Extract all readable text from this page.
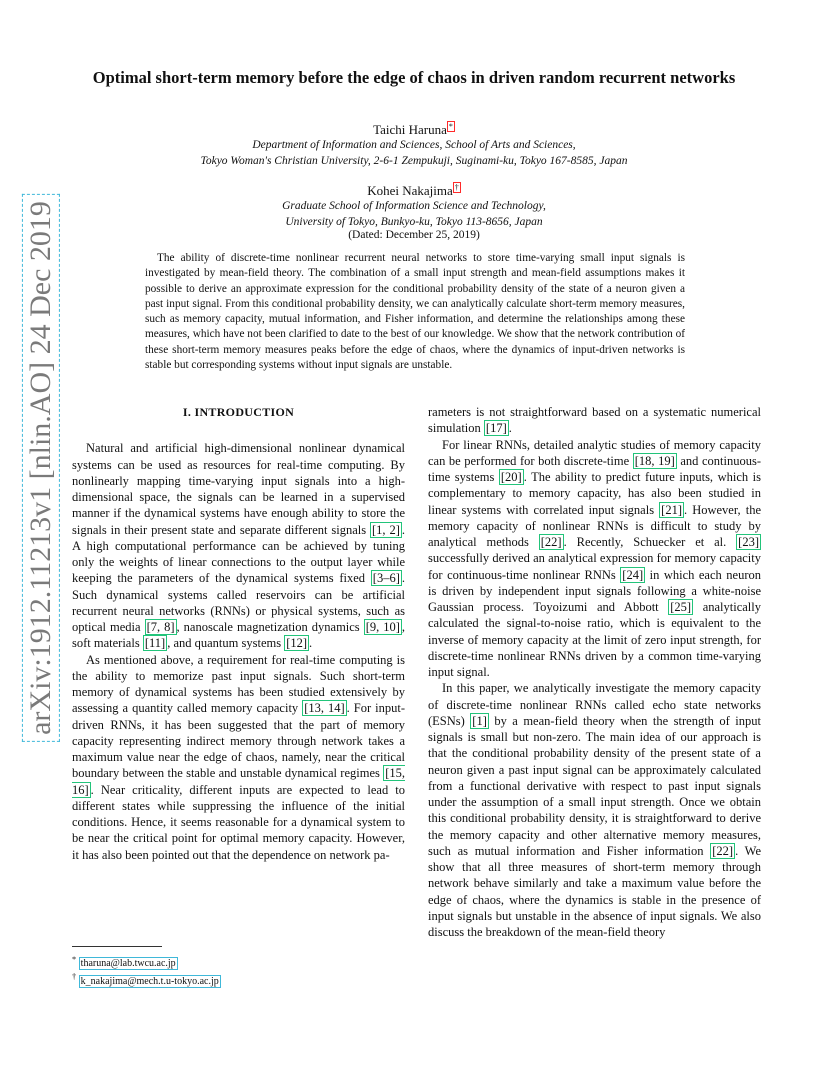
arXiv:1912.11213v1 [nlin.AO] 24 Dec 2019
Optimal short-term memory before the edge of chaos in driven random recurrent networks
Taichi Haruna *
Department of Information and Sciences, School of Arts and Sciences,
Tokyo Woman's Christian University, 2-6-1 Zempukuji, Suginami-ku, Tokyo 167-8585, Japan
Kohei Nakajima †
Graduate School of Information Science and Technology,
University of Tokyo, Bunkyo-ku, Tokyo 113-8656, Japan
(Dated: December 25, 2019)
The ability of discrete-time nonlinear recurrent neural networks to store time-varying small input signals is investigated by mean-field theory. The combination of a small input strength and mean-field assumptions makes it possible to derive an approximate expression for the conditional probability density of the state of a neuron given a past input signal. From this conditional probability density, we can analytically calculate short-term memory measures, such as memory capacity, mutual information, and Fisher information, and determine the relationships among these measures, which have not been clarified to date to the best of our knowledge. We show that the network contribution of these short-term memory measures peaks before the edge of chaos, where the dynamics of input-driven networks is stable but corresponding systems without input signals are unstable.
I. INTRODUCTION

Natural and artificial high-dimensional nonlinear dynamical systems can be used as resources for real-time computing. By nonlinearly mapping time-varying input signals into a high-dimensional space, the signals can be learned in a supervised manner if the dynamical systems have enough ability to store the signals in their present state and separate different signals [1, 2] . A high computational performance can be achieved by tuning only the weights of linear connections to the output layer while keeping the parameters of the dynamical systems fixed [3–6] . Such dynamical systems called reservoirs can be artificial recurrent neural networks (RNNs) or physical systems, such as optical media [7, 8] , nanoscale magnetization dynamics [9, 10] , soft materials [11] , and quantum systems [12] .

As mentioned above, a requirement for real-time computing is the ability to memorize past input signals. Such short-term memory of dynamical systems has been studied extensively by assessing a quantity called memory capacity [13, 14] . For input-driven RNNs, it has been suggested that the part of memory capacity representing indirect memory through network takes a maximum value near the edge of chaos, namely, near the critical boundary between the stable and unstable dynamical regimes [15, 16] . Near criticality, different inputs are expected to lead to different states while suppressing the influence of the initial conditions. Hence, it seems reasonable for a dynamical system to be near the critical point for optimal memory capacity. However, it has also been pointed out that the dependence on network pa-

rameters is not straightforward based on a systematic numerical simulation [17] .

For linear RNNs, detailed analytic studies of memory capacity can be performed for both discrete-time [18, 19] and continuous-time systems [20] . The ability to predict future inputs, which is complementary to memory capacity, has also been studied in linear systems with correlated input signals [21] . However, the memory capacity of nonlinear RNNs is difficult to study by analytical methods [22] . Recently, Schuecker et al. [23] successfully derived an analytical expression for memory capacity for continuous-time nonlinear RNNs [24] in which each neuron is driven by independent input signals following a white-noise Gaussian process. Toyoizumi and Abbott [25] analytically calculated the signal-to-noise ratio, which is equivalent to the inverse of memory capacity at the limit of zero input strength, for discrete-time nonlinear RNNs driven by a common time-varying input signal.

In this paper, we analytically investigate the memory capacity of discrete-time nonlinear RNNs called echo state networks (ESNs) [1] by a mean-field theory when the strength of input signals is small but non-zero. The main idea of our approach is that the conditional probability density of the present state of a neuron given a past input signal can be approximately calculated from a functional derivative with respect to past input signals under the assumption of a small input strength. Once we obtain this conditional probability density, it is straightforward to derive the memory capacity and other alternative memory measures, such as mutual information and Fisher information [22] . We show that all three measures of short-term memory through network behave similarly and take a maximum value before the edge of chaos, where the dynamics is stable in the presence of input signals but unstable in the absence of input signals. We also discuss the breakdown of the mean-field theory

* tharuna@lab.twcu.ac.jp
† k_nakajima@mech.t.u-tokyo.ac.jp
